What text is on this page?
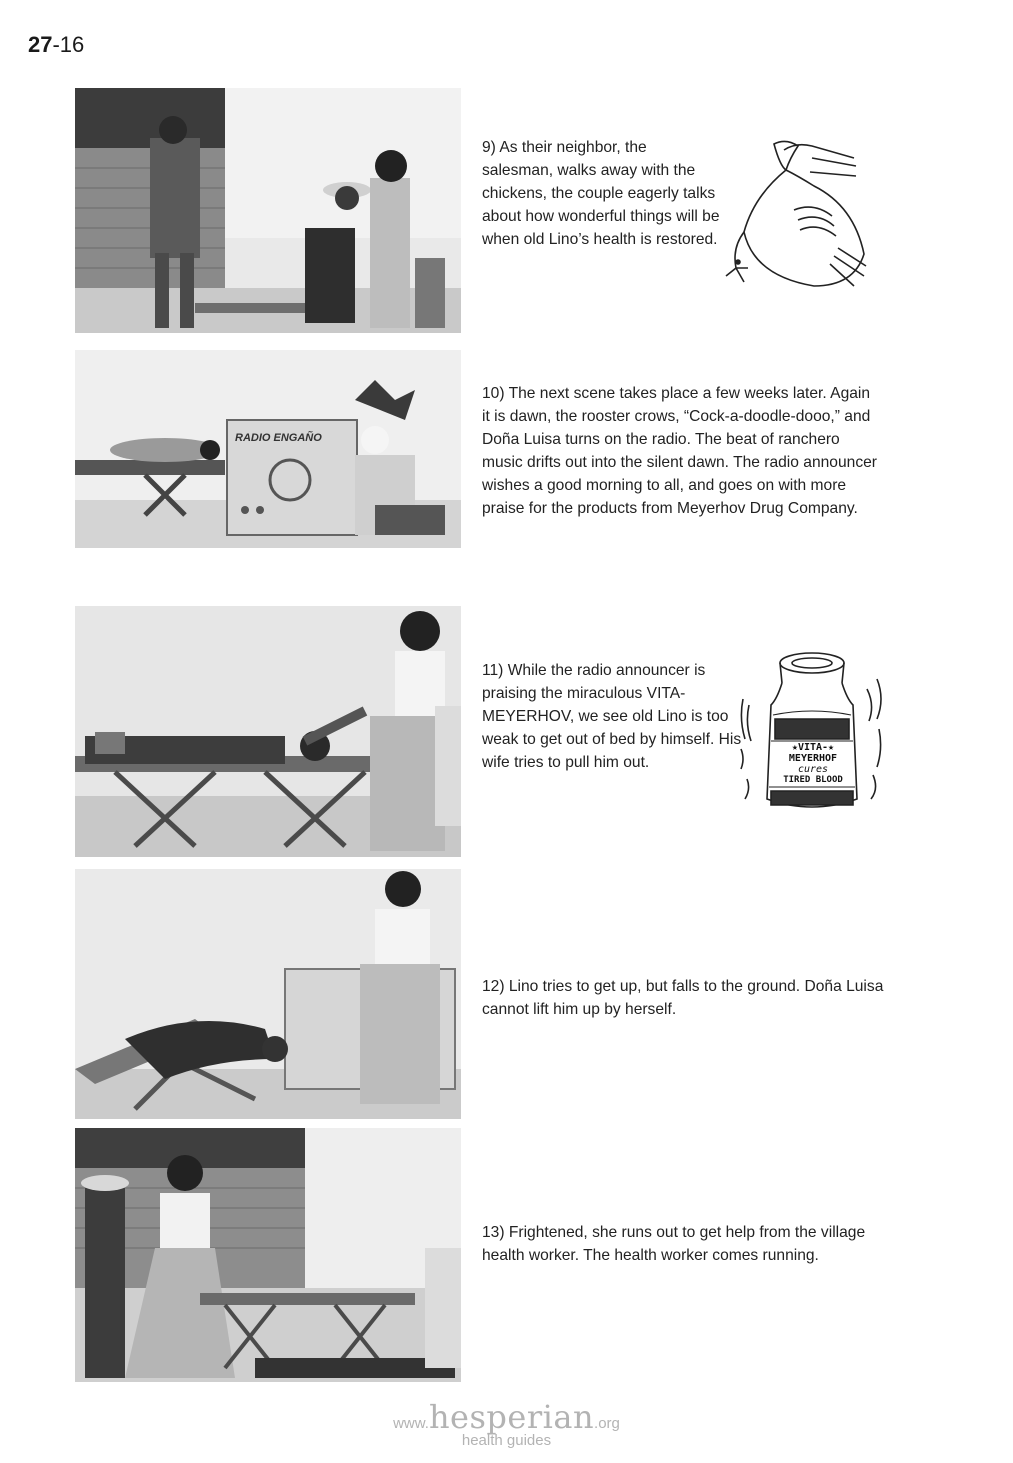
27-16
9) As their neighbor, the salesman, walks away with the chickens, the couple eagerly talks about how wonderful things will be when old Lino’s health is restored.
RADIO ENGAÑO
10) The next scene takes place a few weeks later. Again it is dawn, the rooster crows, “Cock-a-doodle-dooo,” and Doña Luisa turns on the radio. The beat of ranchero music drifts out into the silent dawn. The radio announcer wishes a good morning to all, and goes on with more praise for the products from Meyerhov Drug Company.
11) While the radio announcer is praising the miraculous VITA-MEYERHOV, we see old Lino is too weak to get out of bed by himself. His wife tries to pull him out.
★VITA-★
MEYERHOF
cures
TIRED BLOOD
12) Lino tries to get up, but falls to the ground. Doña Luisa cannot lift him up by herself.
13) Frightened, she runs out to get help from the village health worker. The health worker comes running.
www.hesperian.org
health guides
